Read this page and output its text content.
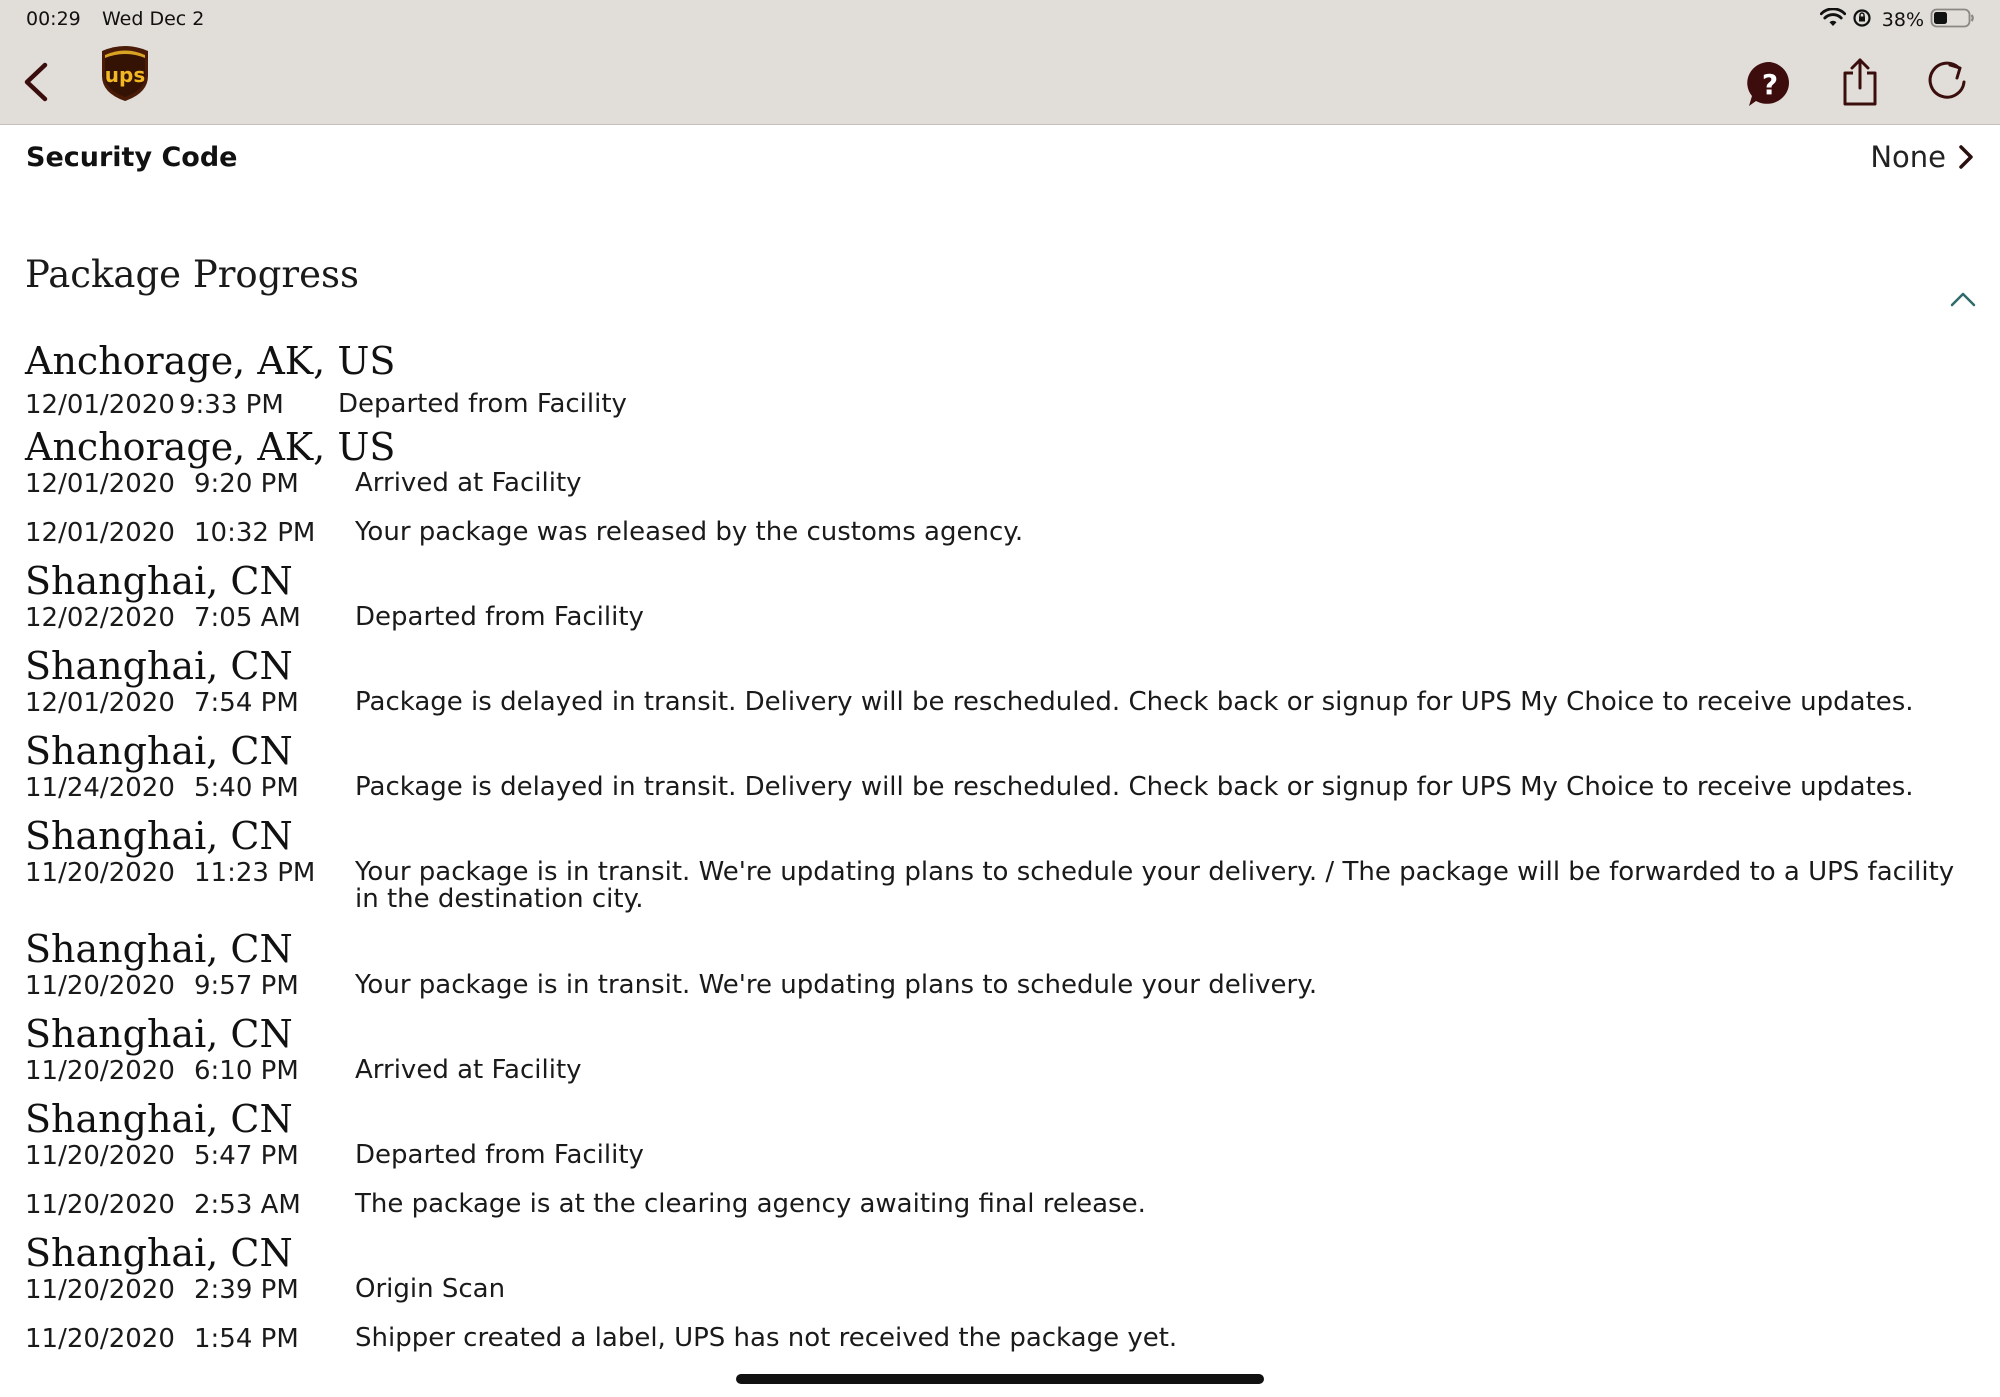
00:29 Wed Dec 2	38%
ups	?
Security Code	None
Package Progress
Anchorage, AK, US
12/01/2020 9:33 PM Departed from Facility
Anchorage, AK, US
12/01/2020 9:20 PM Arrived at Facility
12/01/2020 10:32 PM Your package was released by the customs agency.
Shanghai, CN
12/02/2020 7:05 AM Departed from Facility
Shanghai, CN
12/01/2020 7:54 PM Package is delayed in transit. Delivery will be rescheduled. Check back or signup for UPS My Choice to receive updates.
Shanghai, CN
11/24/2020 5:40 PM Package is delayed in transit. Delivery will be rescheduled. Check back or signup for UPS My Choice to receive updates.
Shanghai, CN
11/20/2020 11:23 PM Your package is in transit. We're updating plans to schedule your delivery. / The package will be forwarded to a UPS facility in the destination city.
Shanghai, CN
11/20/2020 9:57 PM Your package is in transit. We're updating plans to schedule your delivery.
Shanghai, CN
11/20/2020 6:10 PM Arrived at Facility
Shanghai, CN
11/20/2020 5:47 PM Departed from Facility
11/20/2020 2:53 AM The package is at the clearing agency awaiting final release.
Shanghai, CN
11/20/2020 2:39 PM Origin Scan
11/20/2020 1:54 PM Shipper created a label, UPS has not received the package yet.
